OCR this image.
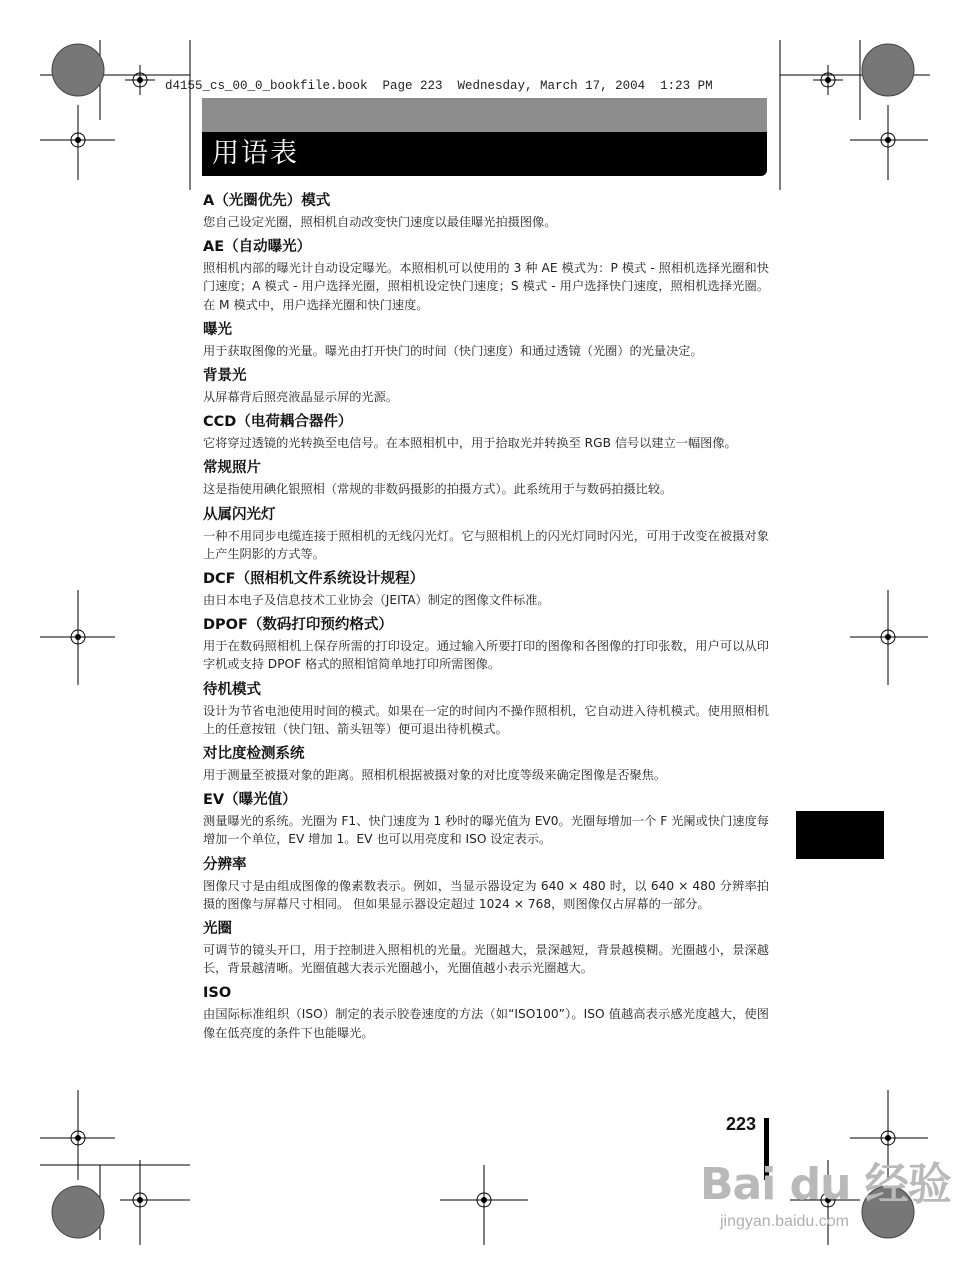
d4155_cs_00_0_bookfile.book  Page 223  Wednesday, March 17, 2004  1:23 PM
用语表
A（光圈优先）模式
您自己设定光圈，照相机自动改变快门速度以最佳曝光拍摄图像。
AE（自动曝光）
照相机内部的曝光计自动设定曝光。本照相机可以使用的 3 种 AE 模式为：P 模式 - 照相机选择光圈和快门速度；A 模式 - 用户选择光圈，照相机设定快门速度；S 模式 - 用户选择快门速度，照相机选择光圈。在 M 模式中，用户选择光圈和快门速度。
曝光
用于获取图像的光量。曝光由打开快门的时间（快门速度）和通过透镜（光圈）的光量决定。
背景光
从屏幕背后照亮液晶显示屏的光源。
CCD（电荷耦合器件）
它将穿过透镜的光转换至电信号。在本照相机中，用于拾取光并转换至 RGB 信号以建立一幅图像。
常规照片
这是指使用碘化银照相（常规的非数码摄影的拍摄方式）。此系统用于与数码拍摄比较。
从属闪光灯
一种不用同步电缆连接于照相机的无线闪光灯。它与照相机上的闪光灯同时闪光，可用于改变在被摄对象上产生阴影的方式等。
DCF（照相机文件系统设计规程）
由日本电子及信息技术工业协会（JEITA）制定的图像文件标准。
DPOF（数码打印预约格式）
用于在数码照相机上保存所需的打印设定。通过输入所要打印的图像和各图像的打印张数，用户可以从印字机或支持 DPOF 格式的照相馆简单地打印所需图像。
待机模式
设计为节省电池使用时间的模式。如果在一定的时间内不操作照相机，它自动进入待机模式。使用照相机上的任意按钮（快门钮、箭头钮等）便可退出待机模式。
对比度检测系统
用于测量至被摄对象的距离。照相机根据被摄对象的对比度等级来确定图像是否聚焦。
EV（曝光值）
测量曝光的系统。光圈为 F1、快门速度为 1 秒时的曝光值为 EV0。光圈每增加一个 F 光阑或快门速度每增加一个单位，EV 增加 1。EV 也可以用亮度和 ISO 设定表示。
分辨率
图像尺寸是由组成图像的像素数表示。例如，当显示器设定为 640 × 480 时，以 640 × 480 分辨率拍摄的图像与屏幕尺寸相同。 但如果显示器设定超过 1024 × 768，则图像仅占屏幕的一部分。
光圈
可调节的镜头开口，用于控制进入照相机的光量。光圈越大，景深越短，背景越模糊。光圈越小，景深越长，背景越清晰。光圈值越大表示光圈越小，光圈值越小表示光圈越大。
ISO
由国际标准组织（ISO）制定的表示胶卷速度的方法（如“ISO100”）。ISO 值越高表示感光度越大，使图像在低亮度的条件下也能曝光。
223
Bai du 经验
jingyan.baidu.com
